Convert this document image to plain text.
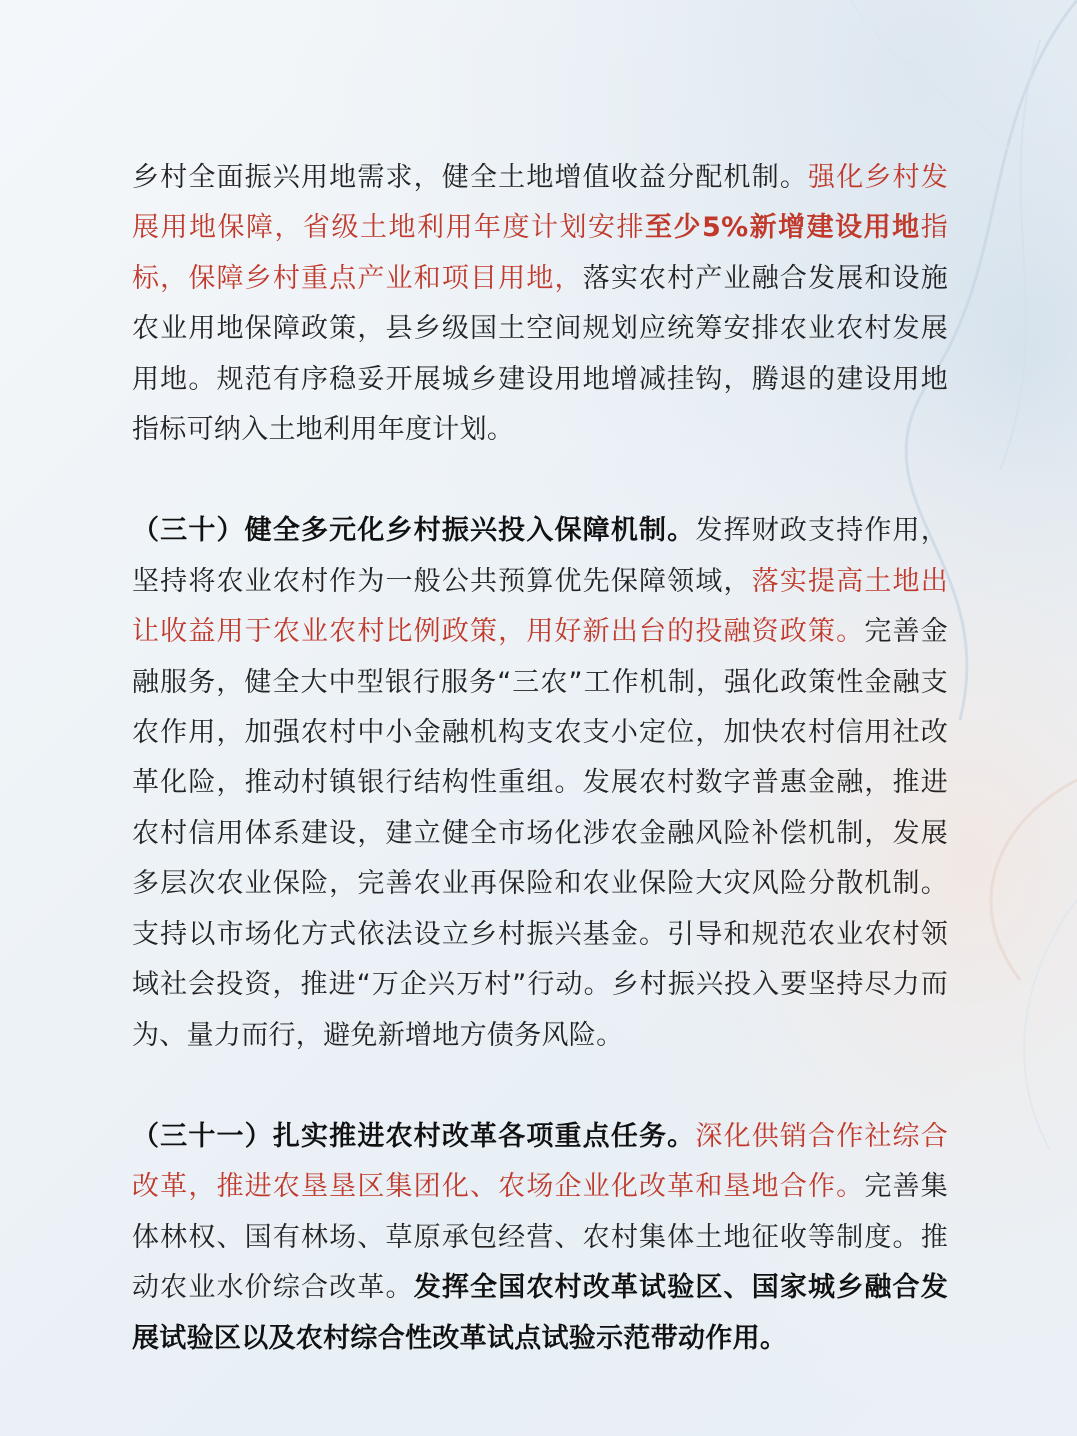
乡村全面振兴用地需求，健全土地增值收益分配机制。强化乡村发展用地保障，省级土地利用年度计划安排至少5%新增建设用地指标，保障乡村重点产业和项目用地，落实农村产业融合发展和设施农业用地保障政策，县乡级国土空间规划应统筹安排农业农村发展用地。规范有序稳妥开展城乡建设用地增减挂钩，腾退的建设用地指标可纳入土地利用年度计划。

（三十）健全多元化乡村振兴投入保障机制。发挥财政支持作用，坚持将农业农村作为一般公共预算优先保障领域，落实提高土地出让收益用于农业农村比例政策，用好新出台的投融资政策。完善金融服务，健全大中型银行服务“三农”工作机制，强化政策性金融支农作用，加强农村中小金融机构支农支小定位，加快农村信用社改革化险，推动村镇银行结构性重组。发展农村数字普惠金融，推进农村信用体系建设，建立健全市场化涉农金融风险补偿机制，发展多层次农业保险，完善农业再保险和农业保险大灾风险分散机制。支持以市场化方式依法设立乡村振兴基金。引导和规范农业农村领域社会投资，推进“万企兴万村”行动。乡村振兴投入要坚持尽力而为、量力而行，避免新增地方债务风险。

（三十一）扎实推进农村改革各项重点任务。深化供销合作社综合改革，推进农垦垦区集团化、农场企业化改革和垦地合作。完善集体林权、国有林场、草原承包经营、农村集体土地征收等制度。推动农业水价综合改革。发挥全国农村改革试验区、国家城乡融合发展试验区以及农村综合性改革试点试验示范带动作用。
